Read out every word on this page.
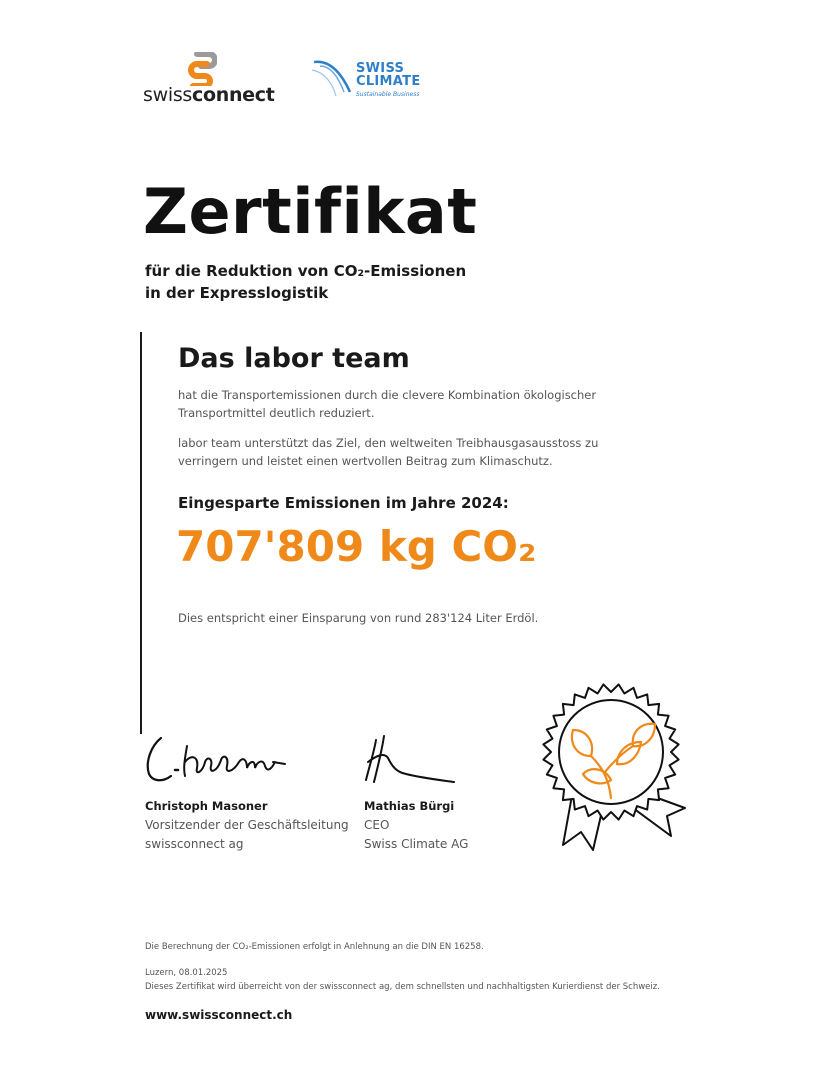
swissconnect
SWISS
CLIMATE
Sustainable Business
Zertifikat
für die Reduktion von CO₂-Emissionen
in der Expresslogistik
Das labor team
hat die Transportemissionen durch die clevere Kombination ökologischer Transportmittel deutlich reduziert.
labor team unterstützt das Ziel, den weltweiten Treibhausgasausstoss zu verringern und leistet einen wertvollen Beitrag zum Klimaschutz.
Eingesparte Emissionen im Jahre 2024:
707'809 kg CO₂
Dies entspricht einer Einsparung von rund 283'124 Liter Erdöl.
Christoph Masoner
Vorsitzender der Geschäftsleitung
swissconnect ag
Mathias Bürgi
CEO
Swiss Climate AG
Die Berechnung der CO₂-Emissionen erfolgt in Anlehnung an die DIN EN 16258.
Luzern, 08.01.2025
Dieses Zertifikat wird überreicht von der swissconnect ag, dem schnellsten und nachhaltigsten Kurierdienst der Schweiz.
www.swissconnect.ch
